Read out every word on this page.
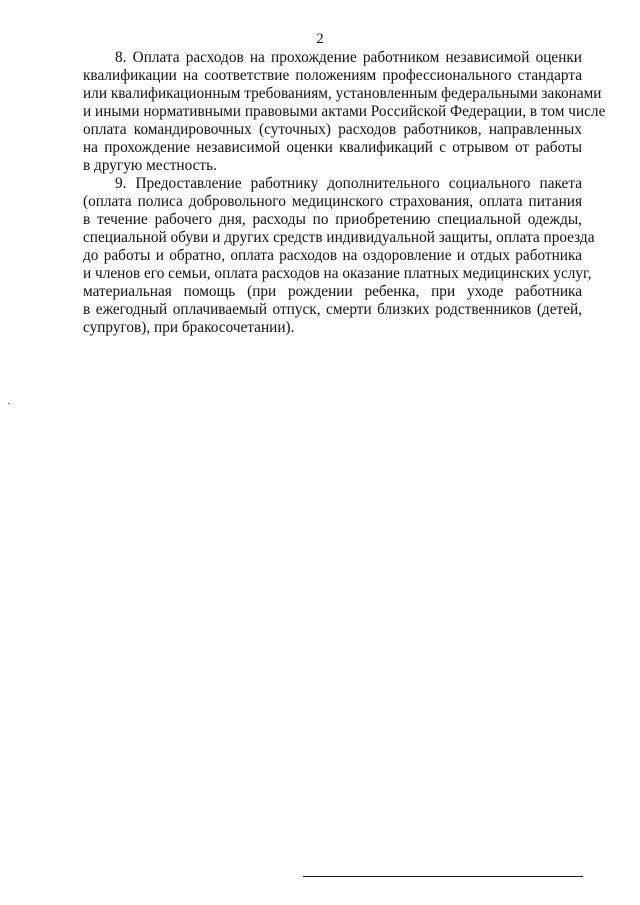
2
8. Оплата расходов на прохождение работником независимой оценки
квалификации на соответствие положениям профессионального стандарта
или квалификационным требованиям, установленным федеральными законами
и иными нормативными правовыми актами Российской Федерации, в том числе
оплата командировочных (суточных) расходов работников, направленных
на прохождение независимой оценки квалификаций с отрывом от работы
в другую местность.
9. Предоставление работнику дополнительного социального пакета
(оплата полиса добровольного медицинского страхования, оплата питания
в течение рабочего дня, расходы по приобретению специальной одежды,
специальной обуви и других средств индивидуальной защиты, оплата проезда
до работы и обратно, оплата расходов на оздоровление и отдых работника
и членов его семьи, оплата расходов на оказание платных медицинских услуг,
материальная помощь (при рождении ребенка, при уходе работника
в ежегодный оплачиваемый отпуск, смерти близких родственников (детей,
супругов), при бракосочетании).
